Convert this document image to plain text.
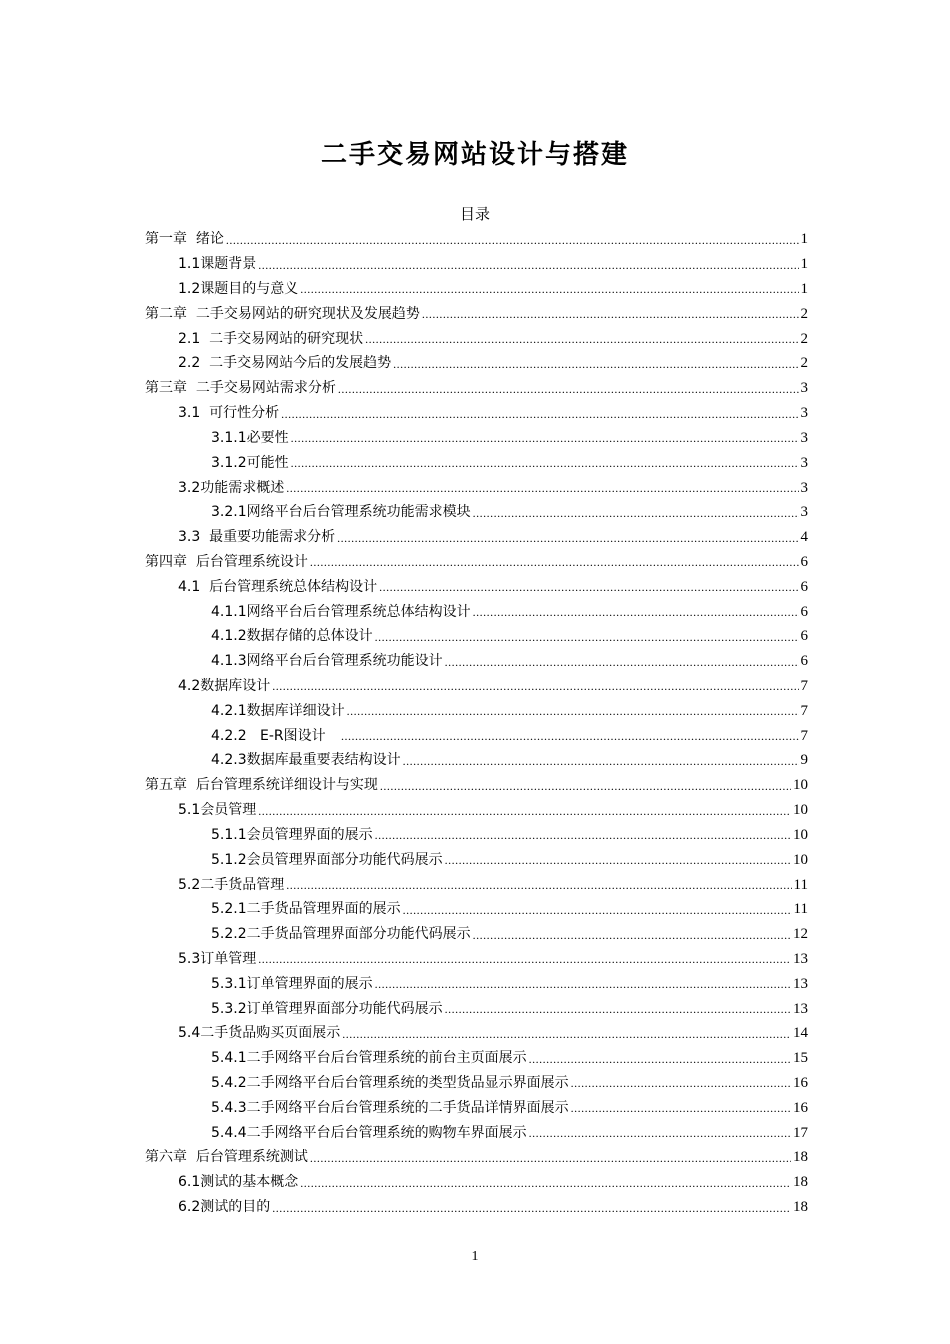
二手交易网站设计与搭建
目录
第一章  绪论 .....	1
1.1课题背景 .....	1
1.2课题目的与意义 .....	1
第二章  二手交易网站的研究现状及发展趋势 .....	2
2.1  二手交易网站的研究现状 .....	2
2.2  二手交易网站今后的发展趋势 .....	2
第三章  二手交易网站需求分析 .....	3
3.1  可行性分析 .....	3
3.1.1必要性 .....	3
3.1.2可能性 .....	3
3.2功能需求概述 .....	3
3.2.1网络平台后台管理系统功能需求模块 .....	3
3.3  最重要功能需求分析 .....	4
第四章  后台管理系统设计 .....	6
4.1  后台管理系统总体结构设计 .....	6
4.1.1网络平台后台管理系统总体结构设计 .....	6
4.1.2数据存储的总体设计 .....	6
4.1.3网络平台后台管理系统功能设计 .....	6
4.2数据库设计 .....	7
4.2.1数据库详细设计 .....	7
4.2.2   E-R图设计 .....	7
4.2.3数据库最重要表结构设计 .....	9
第五章  后台管理系统详细设计与实现 .....	10
5.1会员管理 .....	10
5.1.1会员管理界面的展示 .....	10
5.1.2会员管理界面部分功能代码展示 .....	10
5.2二手货品管理 .....	11
5.2.1二手货品管理界面的展示 .....	11
5.2.2二手货品管理界面部分功能代码展示 .....	12
5.3订单管理 .....	13
5.3.1订单管理界面的展示 .....	13
5.3.2订单管理界面部分功能代码展示 .....	13
5.4二手货品购买页面展示 .....	14
5.4.1二手网络平台后台管理系统的前台主页面展示 .....	15
5.4.2二手网络平台后台管理系统的类型货品显示界面展示 .....	16
5.4.3二手网络平台后台管理系统的二手货品详情界面展示 .....	16
5.4.4二手网络平台后台管理系统的购物车界面展示 .....	17
第六章  后台管理系统测试 .....	18
6.1测试的基本概念 .....	18
6.2测试的目的 .....	18
1
